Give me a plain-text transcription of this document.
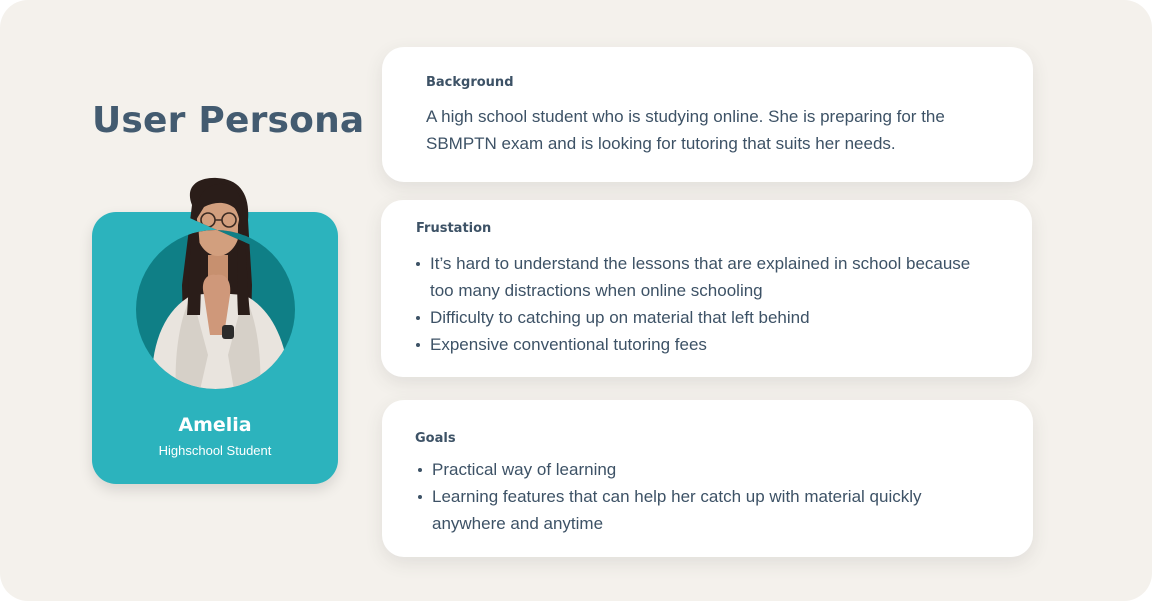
User Persona
Amelia
Highschool Student
Background
A high school student who is studying online. She is preparing for the SBMPTN exam and is looking for tutoring that suits her needs.
Frustation
It’s hard to understand the lessons that are explained in school because too many distractions when online schooling
Difficulty to catching up on material that left behind
Expensive conventional tutoring fees
Goals
Practical way of learning
Learning features that can help her catch up with material quickly anywhere and anytime
